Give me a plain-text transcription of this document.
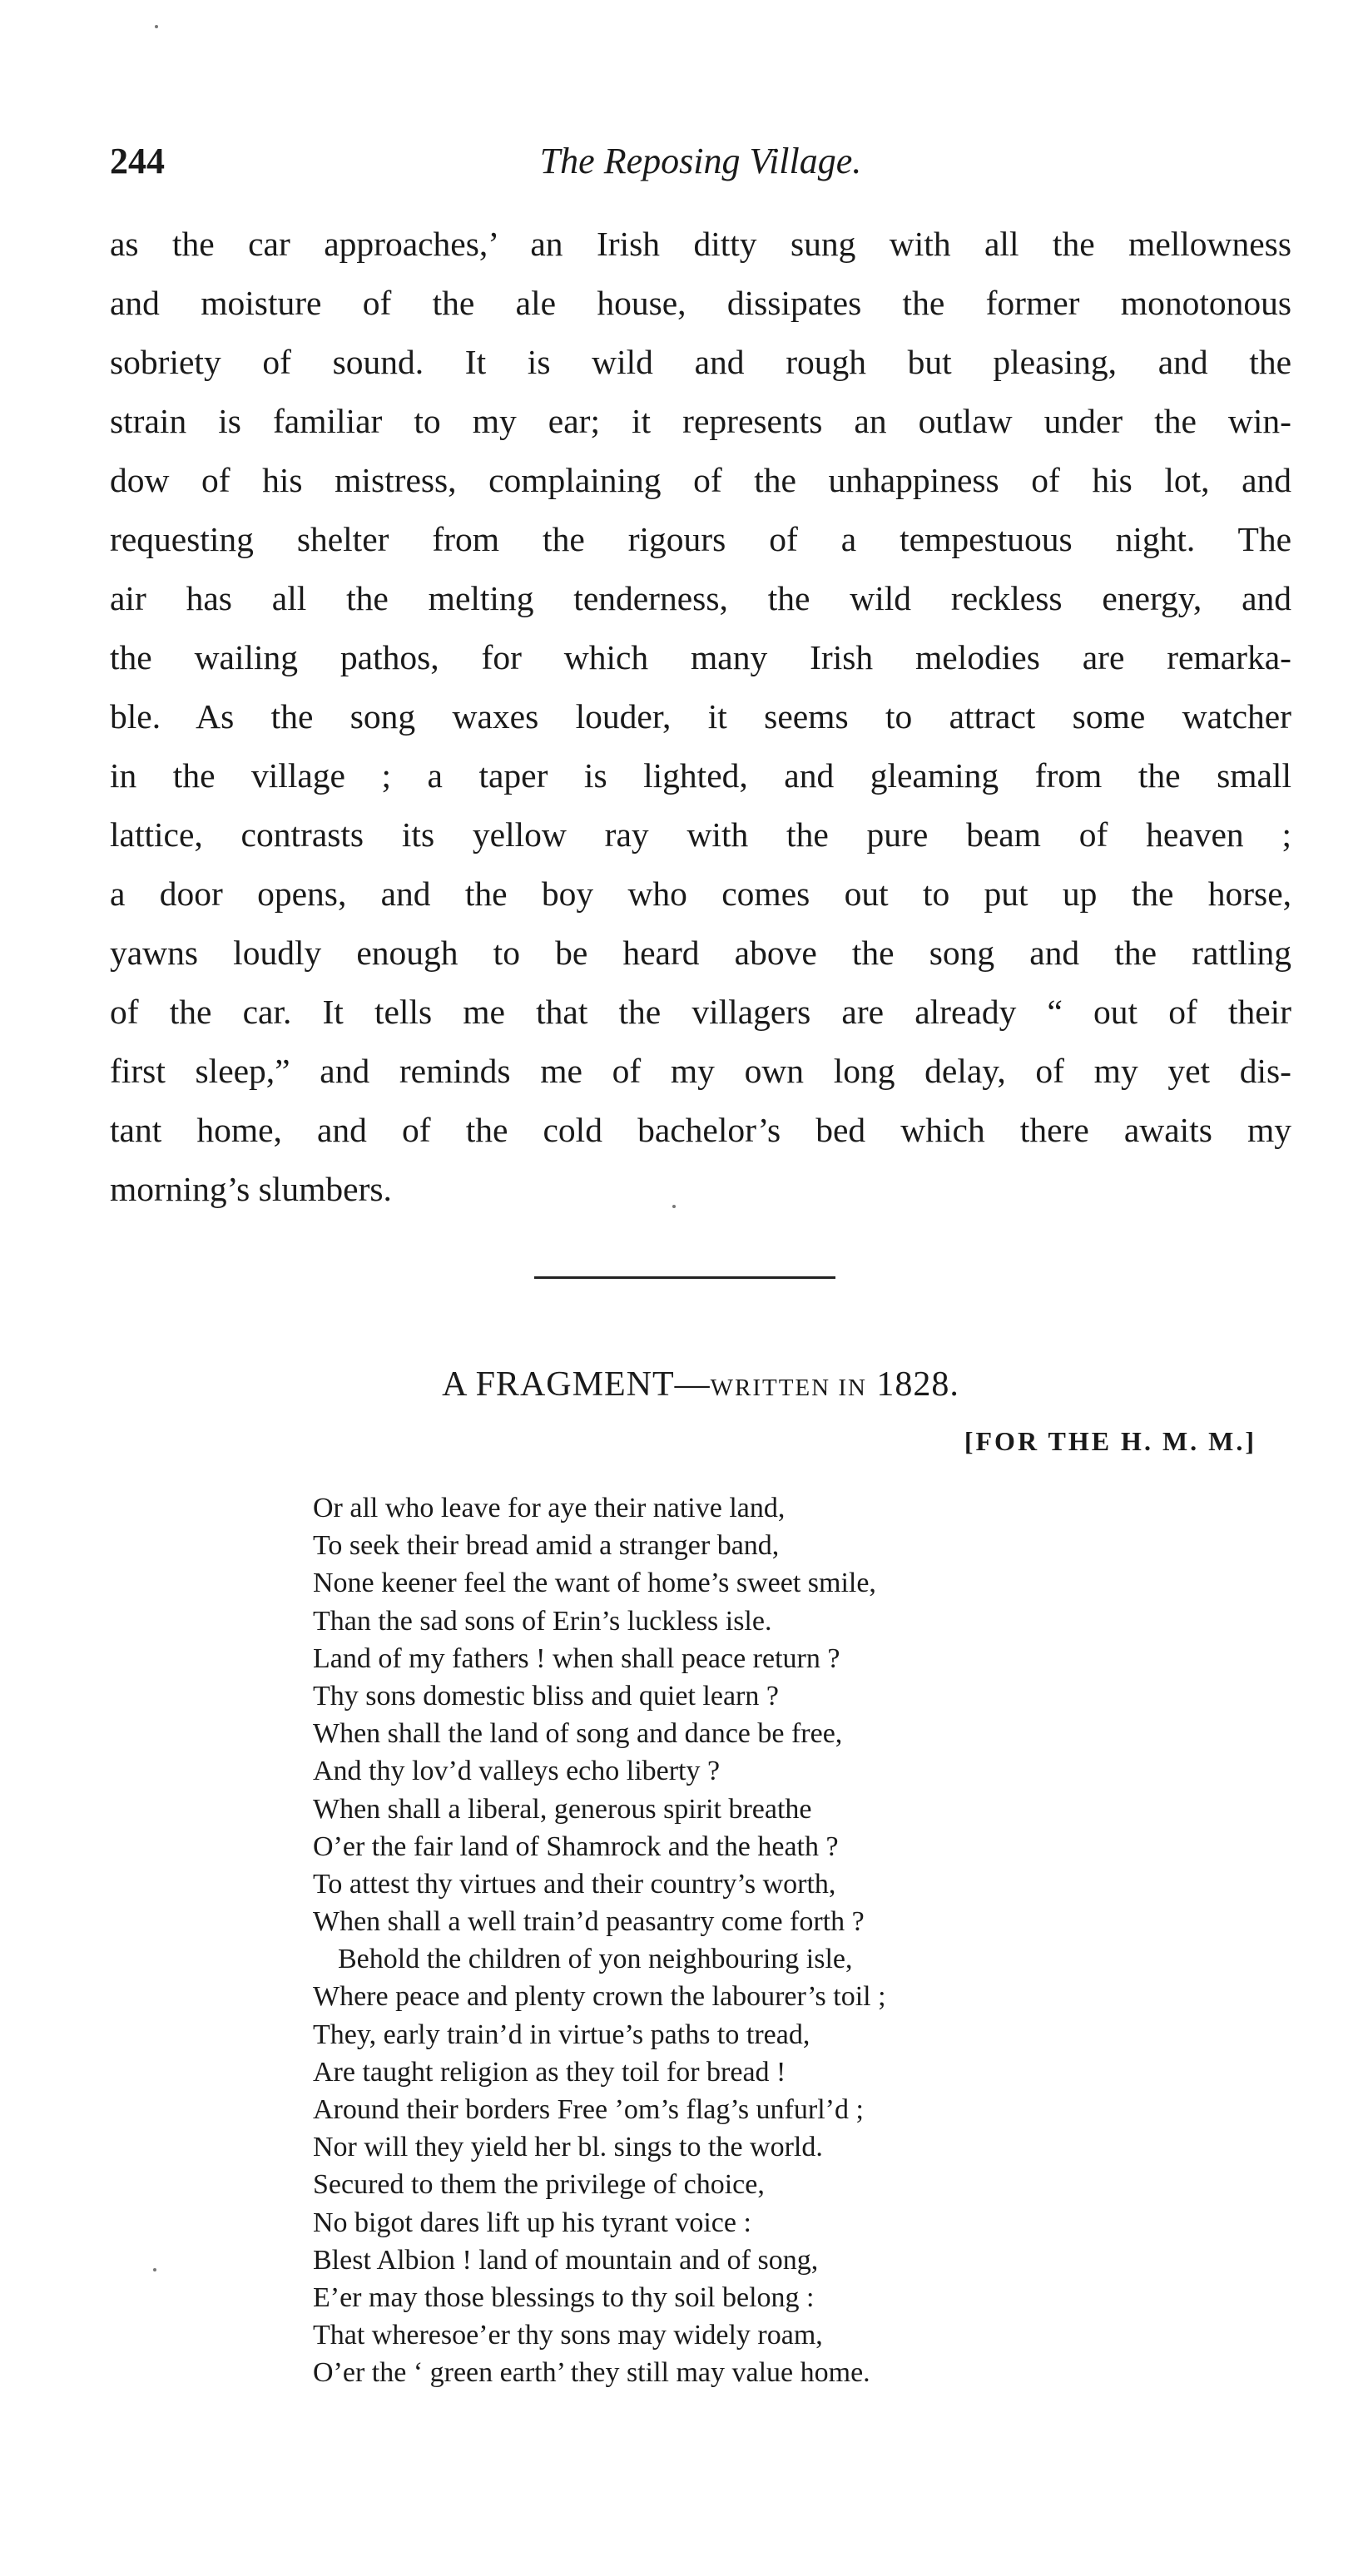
244	The Reposing Village.
as the car approaches,’ an Irish ditty sung with all the mellowness
and moisture of the ale house, dissipates the former monotonous
sobriety of sound. It is wild and rough but pleasing, and the
strain is familiar to my ear; it represents an outlaw under the win-
dow of his mistress, complaining of the unhappiness of his lot, and
requesting shelter from the rigours of a tempestuous night. The
air has all the melting tenderness, the wild reckless energy, and
the wailing pathos, for which many Irish melodies are remarka-
ble. As the song waxes louder, it seems to attract some watcher
in the village ; a taper is lighted, and gleaming from the small
lattice, contrasts its yellow ray with the pure beam of heaven ;
a door opens, and the boy who comes out to put up the horse,
yawns loudly enough to be heard above the song and the rattling
of the car. It tells me that the villagers are already “ out of their
first sleep,” and reminds me of my own long delay, of my yet dis-
tant home, and of the cold bachelor’s bed which there awaits my
morning’s slumbers.
A FRAGMENT—WRITTEN IN 1828.
[FOR THE H. M. M.]
Or all who leave for aye their native land,
To seek their bread amid a stranger band,
None keener feel the want of home’s sweet smile,
Than the sad sons of Erin’s luckless isle.
Land of my fathers ! when shall peace return ?
Thy sons domestic bliss and quiet learn ?
When shall the land of song and dance be free,
And thy lov’d valleys echo liberty ?
When shall a liberal, generous spirit breathe
O’er the fair land of Shamrock and the heath ?
To attest thy virtues and their country’s worth,
When shall a well train’d peasantry come forth ?
Behold the children of yon neighbouring isle,
Where peace and plenty crown the labourer’s toil ;
They, early train’d in virtue’s paths to tread,
Are taught religion as they toil for bread !
Around their borders Free ’om’s flag’s unfurl’d ;
Nor will they yield her bl. sings to the world.
Secured to them the privilege of choice,
No bigot dares lift up his tyrant voice :
Blest Albion ! land of mountain and of song,
E’er may those blessings to thy soil belong :
That wheresoe’er thy sons may widely roam,
O’er the ‘ green earth’ they still may value home.
